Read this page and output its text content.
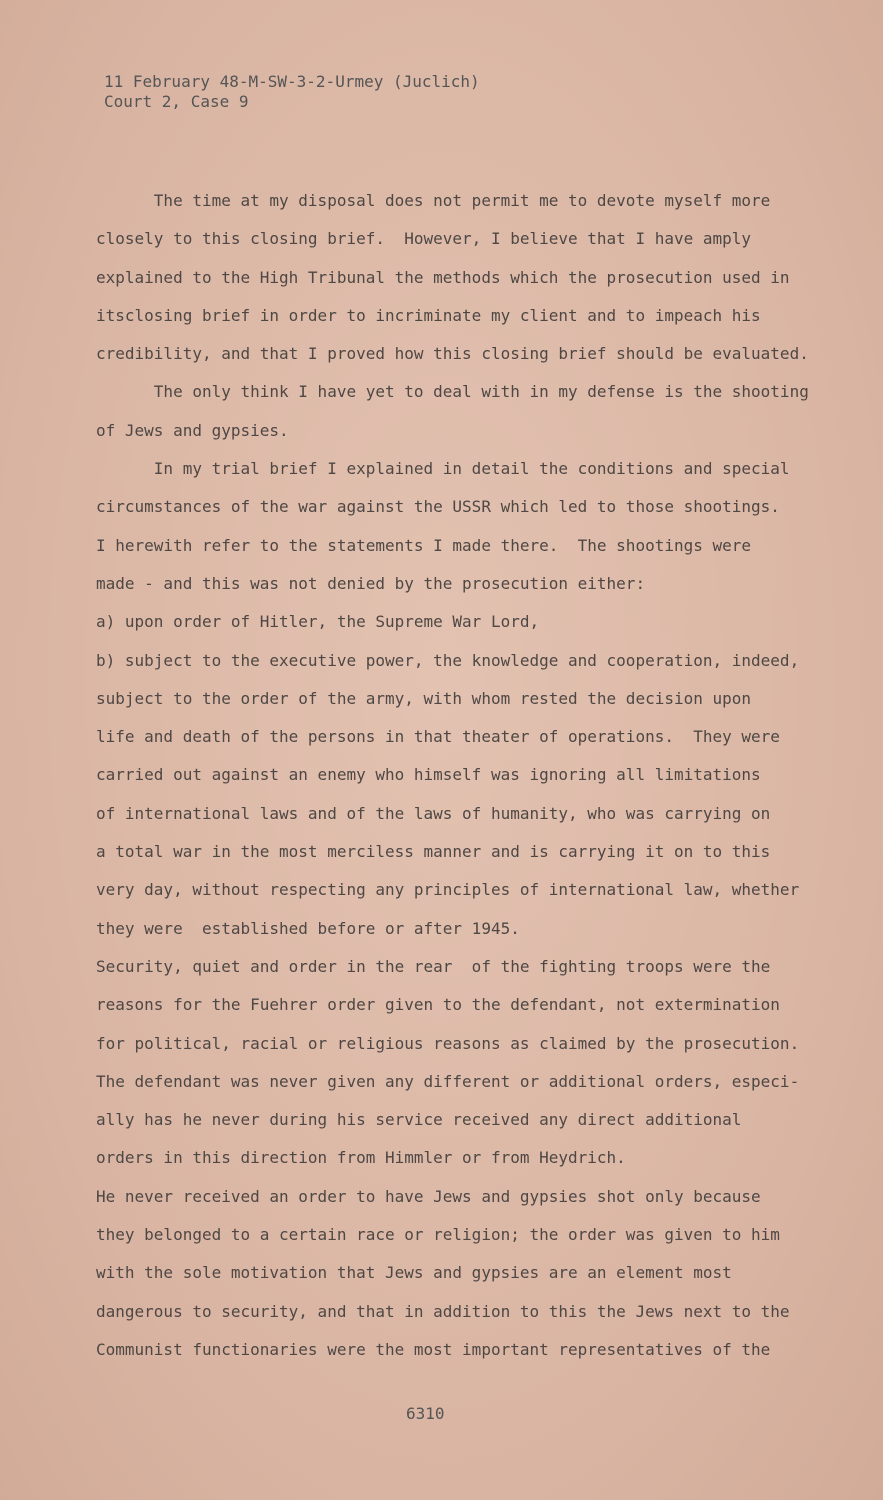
11 February 48-M-SW-3-2-Urmey (Juclich)
Court 2, Case 9
The time at my disposal does not permit me to devote myself more
closely to this closing brief.  However, I believe that I have amply
explained to the High Tribunal the methods which the prosecution used in
itsclosing brief in order to incriminate my client and to impeach his
credibility, and that I proved how this closing brief should be evaluated.
The only think I have yet to deal with in my defense is the shooting
of Jews and gypsies.
In my trial brief I explained in detail the conditions and special
circumstances of the war against the USSR which led to those shootings.
I herewith refer to the statements I made there.  The shootings were
made - and this was not denied by the prosecution either:
a) upon order of Hitler, the Supreme War Lord,
b) subject to the executive power, the knowledge and cooperation, indeed,
subject to the order of the army, with whom rested the decision upon
life and death of the persons in that theater of operations.  They were
carried out against an enemy who himself was ignoring all limitations
of international laws and of the laws of humanity, who was carrying on
a total war in the most merciless manner and is carrying it on to this
very day, without respecting any principles of international law, whether
they were  established before or after 1945.
Security, quiet and order in the rear  of the fighting troops were the
reasons for the Fuehrer order given to the defendant, not extermination
for political, racial or religious reasons as claimed by the prosecution.
The defendant was never given any different or additional orders, especi-
ally has he never during his service received any direct additional
orders in this direction from Himmler or from Heydrich.
He never received an order to have Jews and gypsies shot only because
they belonged to a certain race or religion; the order was given to him
with the sole motivation that Jews and gypsies are an element most
dangerous to security, and that in addition to this the Jews next to the
Communist functionaries were the most important representatives of the
6310
